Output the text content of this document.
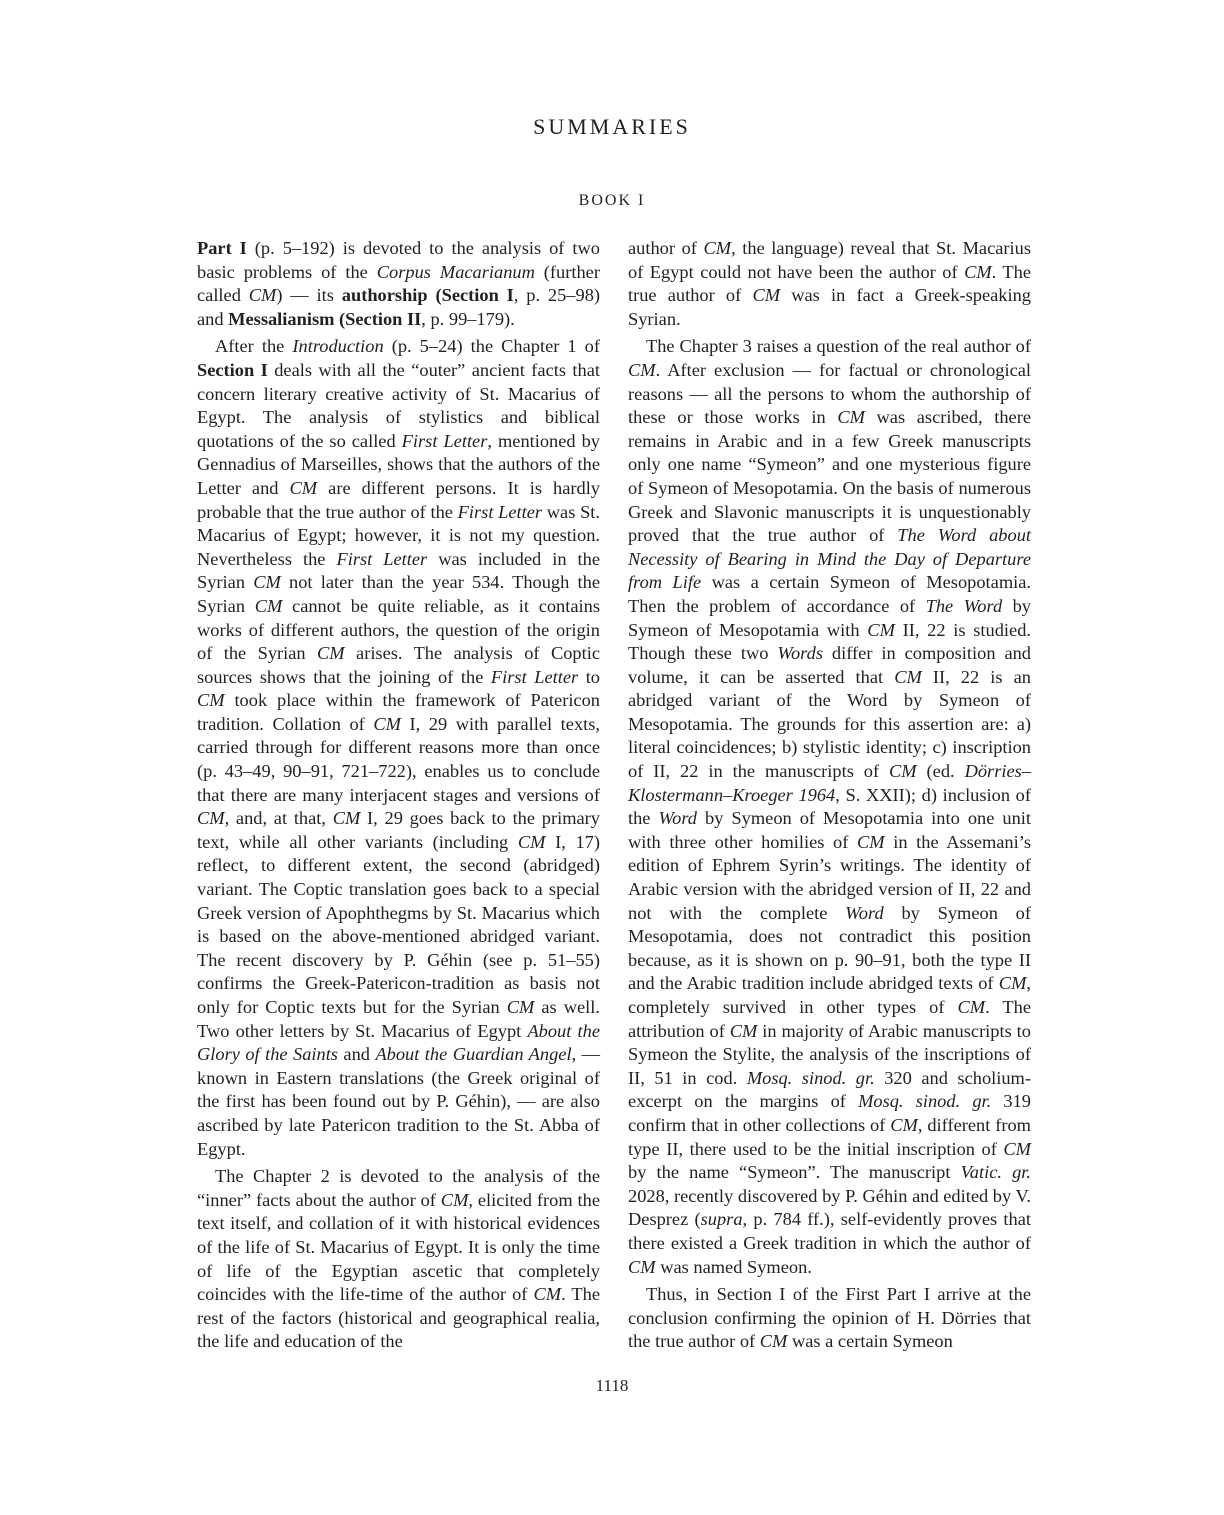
SUMMARIES
BOOK I

Part I (p. 5–192) is devoted to the analysis of two basic problems of the Corpus Macarianum (further called CM) — its authorship (Section I, p. 25–98) and Messalianism (Section II, p. 99–179).

After the Introduction (p. 5–24) the Chapter 1 of Section I deals with all the “outer” ancient facts that concern literary creative activity of St. Macarius of Egypt. The analysis of stylistics and biblical quotations of the so called First Letter, mentioned by Gennadius of Marseilles, shows that the authors of the Letter and CM are different persons. It is hardly probable that the true author of the First Letter was St. Macarius of Egypt; however, it is not my question. Nevertheless the First Letter was included in the Syrian CM not later than the year 534. Though the Syrian CM cannot be quite reliable, as it contains works of different authors, the question of the origin of the Syrian CM arises. The analysis of Coptic sources shows that the joining of the First Letter to CM took place within the framework of Patericon tradition. Collation of CM I, 29 with parallel texts, carried through for different reasons more than once (p. 43–49, 90–91, 721–722), enables us to conclude that there are many interjacent stages and versions of CM, and, at that, CM I, 29 goes back to the primary text, while all other variants (including CM I, 17) reflect, to different extent, the second (abridged) variant. The Coptic translation goes back to a special Greek version of Apophthegms by St. Macarius which is based on the above-mentioned abridged variant. The recent discovery by P. Géhin (see p. 51–55) confirms the Greek-Patericon-tradition as basis not only for Coptic texts but for the Syrian CM as well. Two other letters by St. Macarius of Egypt About the Glory of the Saints and About the Guardian Angel, — known in Eastern translations (the Greek original of the first has been found out by P. Géhin), — are also ascribed by late Patericon tradition to the St. Abba of Egypt.

The Chapter 2 is devoted to the analysis of the “inner” facts about the author of CM, elicited from the text itself, and collation of it with historical evidences of the life of St. Macarius of Egypt. It is only the time of life of the Egyptian ascetic that completely coincides with the life-time of the author of CM. The rest of the factors (historical and geographical realia, the life and education of the

author of CM, the language) reveal that St. Macarius of Egypt could not have been the author of CM. The true author of CM was in fact a Greek-speaking Syrian.

The Chapter 3 raises a question of the real author of CM. After exclusion — for factual or chronological reasons — all the persons to whom the authorship of these or those works in CM was ascribed, there remains in Arabic and in a few Greek manuscripts only one name “Symeon” and one mysterious figure of Symeon of Mesopotamia. On the basis of numerous Greek and Slavonic manuscripts it is unquestionably proved that the true author of The Word about Necessity of Bearing in Mind the Day of Departure from Life was a certain Symeon of Mesopotamia. Then the problem of accordance of The Word by Symeon of Mesopotamia with CM II, 22 is studied. Though these two Words differ in composition and volume, it can be asserted that CM II, 22 is an abridged variant of the Word by Symeon of Mesopotamia. The grounds for this assertion are: a) literal coincidences; b) stylistic identity; c) inscription of II, 22 in the manuscripts of CM (ed. Dörries–Klostermann–Kroeger 1964, S. XXII); d) inclusion of the Word by Symeon of Mesopotamia into one unit with three other homilies of CM in the Assemani’s edition of Ephrem Syrin’s writings. The identity of Arabic version with the abridged version of II, 22 and not with the complete Word by Symeon of Mesopotamia, does not contradict this position because, as it is shown on p. 90–91, both the type II and the Arabic tradition include abridged texts of CM, completely survived in other types of CM. The attribution of CM in majority of Arabic manuscripts to Symeon the Stylite, the analysis of the inscriptions of II, 51 in cod. Mosq. sinod. gr. 320 and scholium-excerpt on the margins of Mosq. sinod. gr. 319 confirm that in other collections of CM, different from type II, there used to be the initial inscription of CM by the name “Symeon”. The manuscript Vatic. gr. 2028, recently discovered by P. Géhin and edited by V. Desprez (supra, p. 784 ff.), self-evidently proves that there existed a Greek tradition in which the author of CM was named Symeon.

Thus, in Section I of the First Part I arrive at the conclusion confirming the opinion of H. Dörries that the true author of CM was a certain Symeon

1118
